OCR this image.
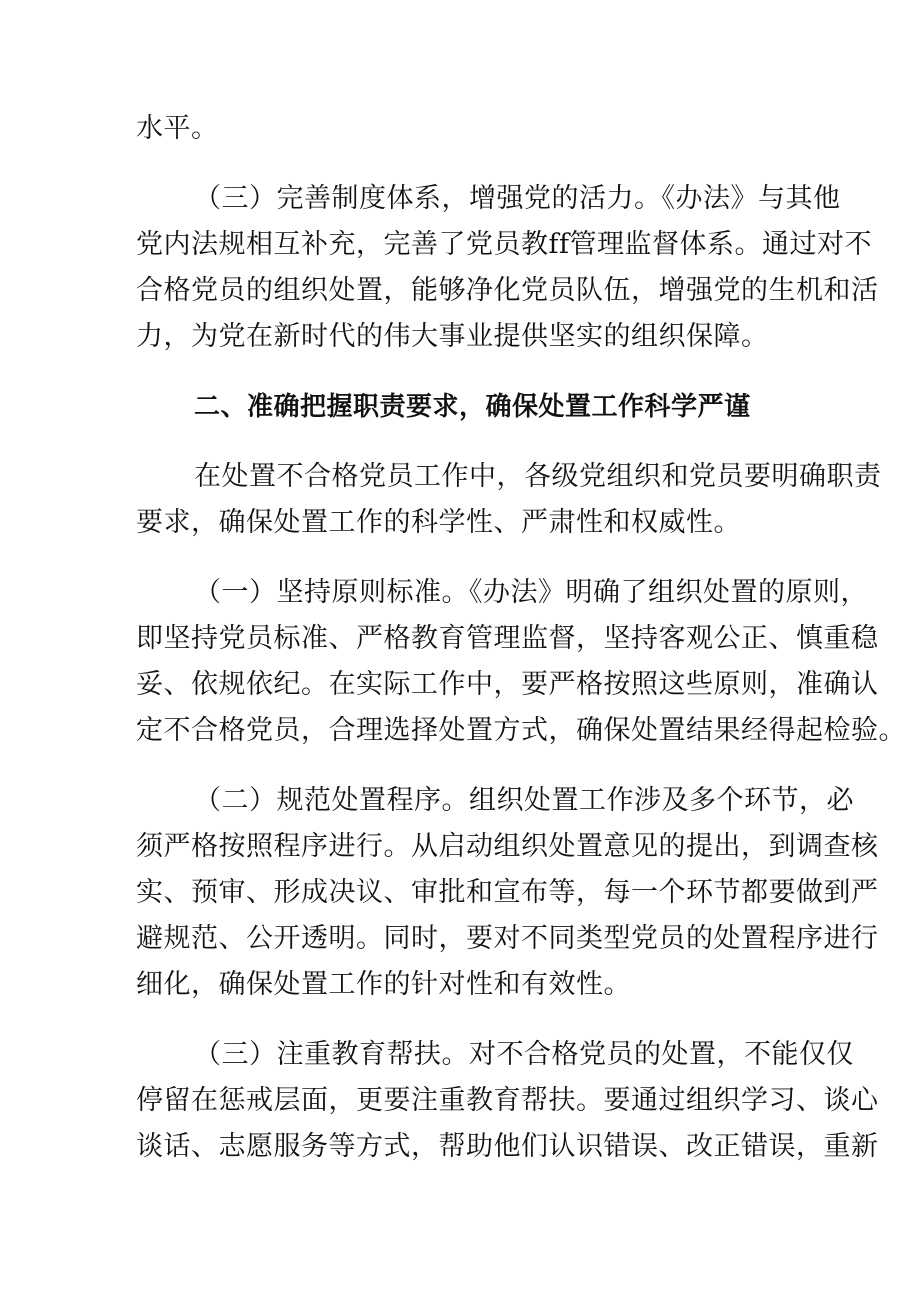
水平。
（三）完善制度体系，增强党的活力。《办法》与其他
党内法规相互补充，完善了党员教ff管理监督体系。通过对不
合格党员的组织处置，能够净化党员队伍，增强党的生机和活
力，为党在新时代的伟大事业提供坚实的组织保障。
二、准确把握职责要求，确保处置工作科学严谨
在处置不合格党员工作中，各级党组织和党员要明确职责
要求，确保处置工作的科学性、严肃性和权威性。
（一）坚持原则标准。《办法》明确了组织处置的原则，
即坚持党员标准、严格教育管理监督，坚持客观公正、慎重稳
妥、依规依纪。在实际工作中，要严格按照这些原则，准确认
定不合格党员，合理选择处置方式，确保处置结果经得起检验。
（二）规范处置程序。组织处置工作涉及多个环节，必
须严格按照程序进行。从启动组织处置意见的提出，到调查核
实、预审、形成决议、审批和宣布等，每一个环节都要做到严
避规范、公开透明。同时，要对不同类型党员的处置程序进行
细化，确保处置工作的针对性和有效性。
（三）注重教育帮扶。对不合格党员的处置，不能仅仅
停留在惩戒层面，更要注重教育帮扶。要通过组织学习、谈心
谈话、志愿服务等方式，帮助他们认识错误、改正错误，重新
